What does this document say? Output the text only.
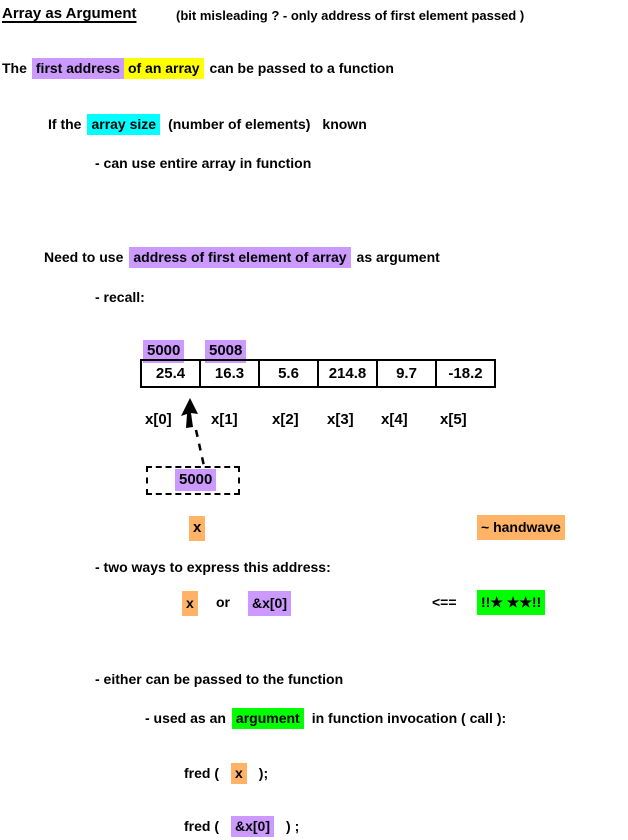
Array as Argument	(bit misleading ? - only address of first element passed )
The first address of an array can be passed to a function
If the array size (number of elements) known
- can use entire array in function
Need to use address of first element of array as argument
- recall:
5000 5008
25.4	16.3	5.6	214.8	9.7	-18.2
x[0]	x[1] x[2] x[3] x[4] x[5]
5000
x	~ handwave
- two ways to express this address:
x or &x[0]	<== !!★ ★★!!
- either can be passed to the function
- used as an argument in function invocation ( call ):
fred ( x );
fred ( &x[0] ) ;
